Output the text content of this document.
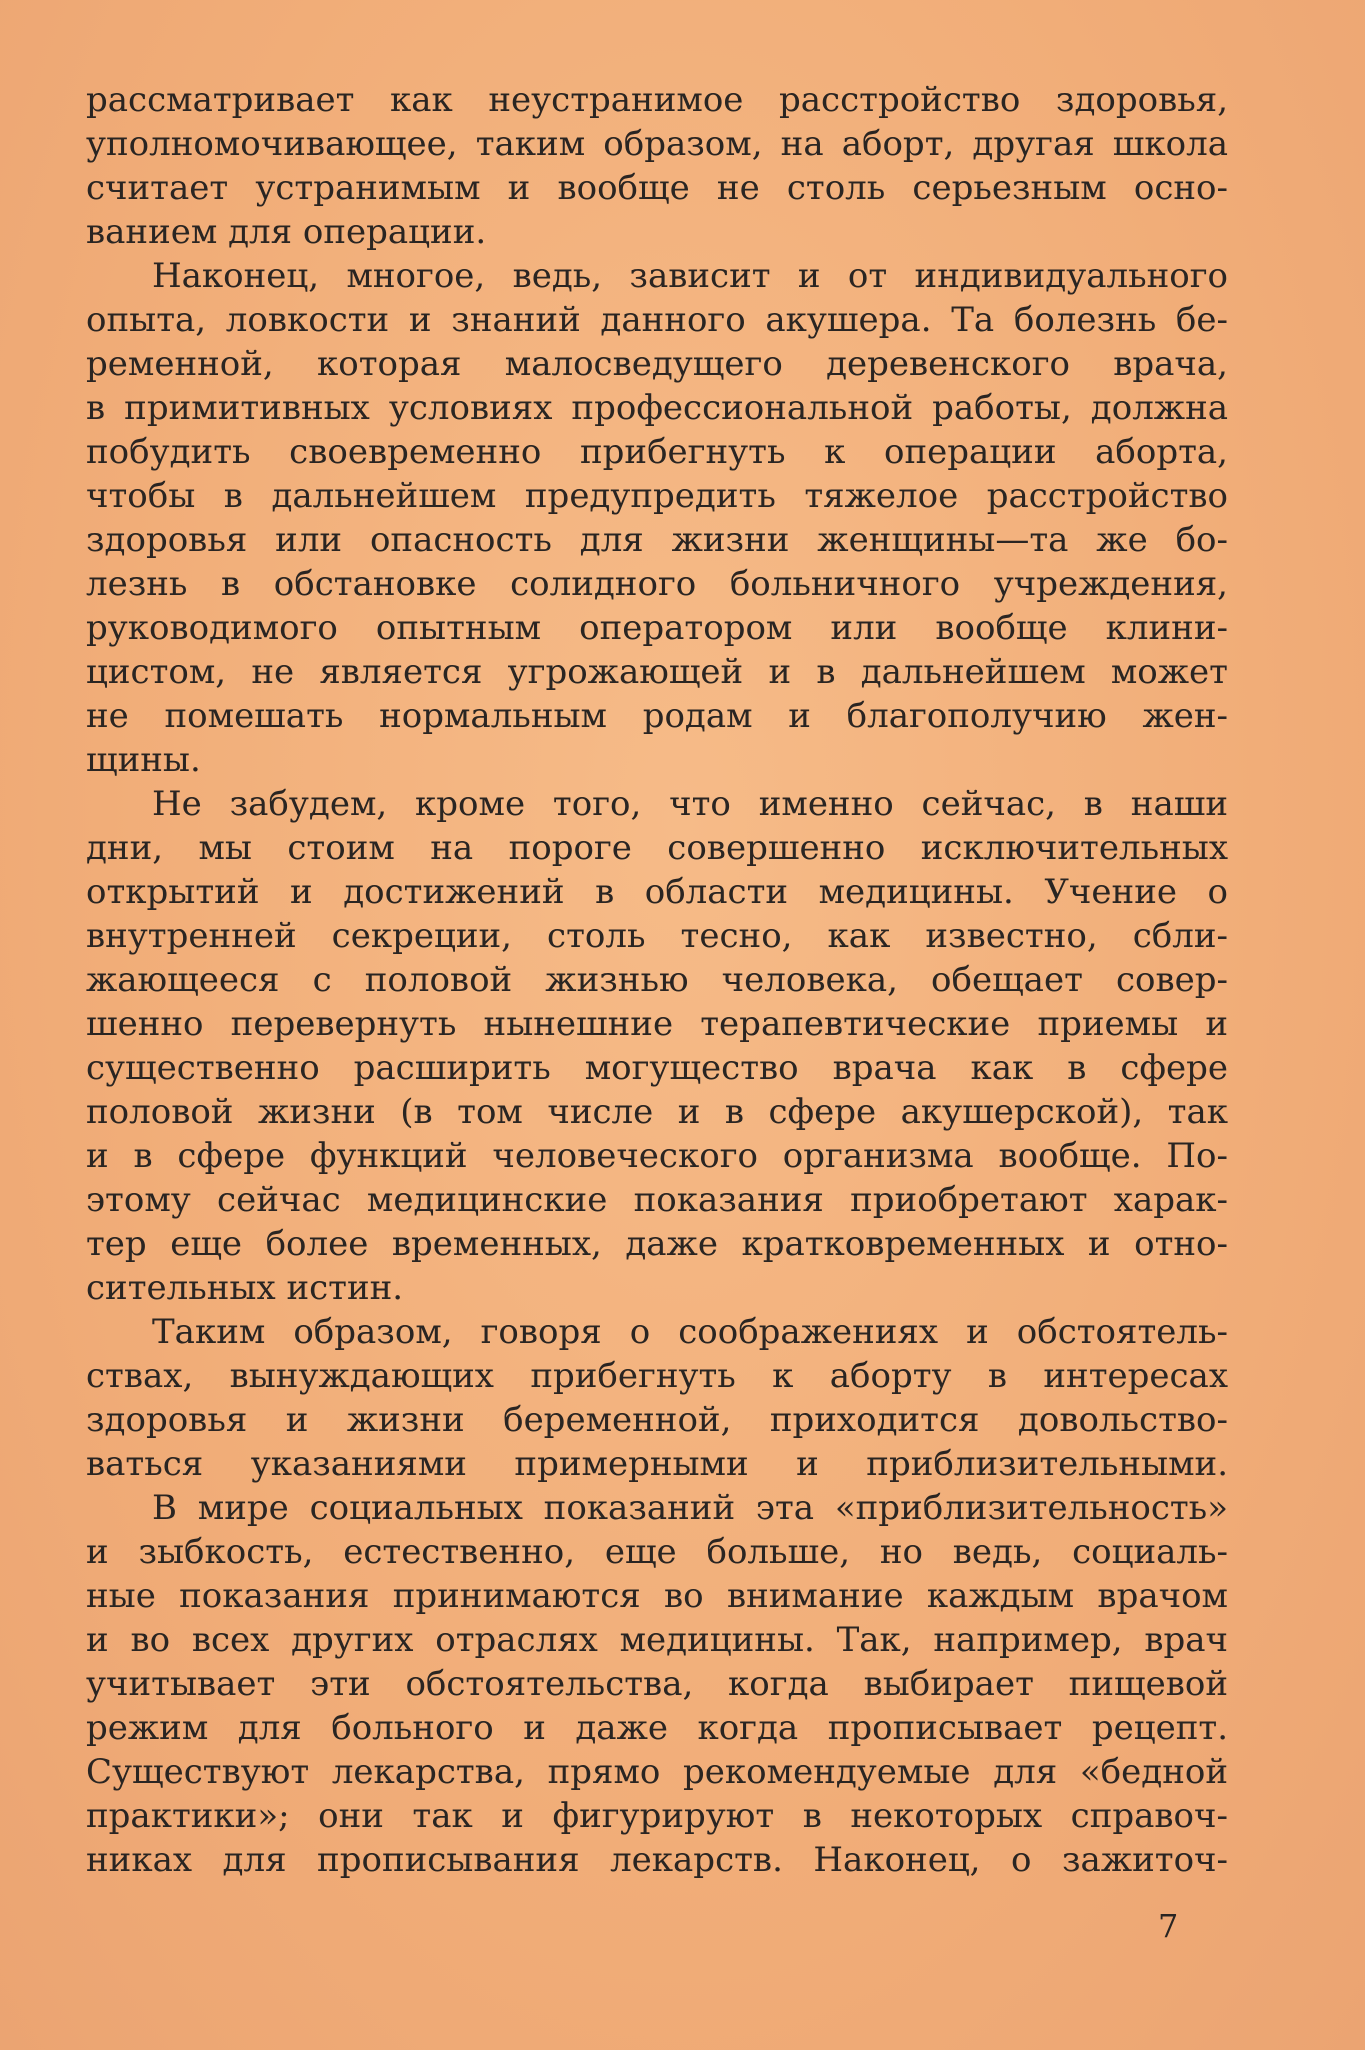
рассматривает как неустранимое расстройство здоровья,
уполномочивающее, таким образом, на аборт, другая школа
считает устранимым и вообще не столь серьезным осно-
ванием для операции.
Наконец, многое, ведь, зависит и от индивидуального
опыта, ловкости и знаний данного акушера. Та болезнь бе-
ременной, которая малосведущего деревенского врача,
в примитивных условиях профессиональной работы, должна
побудить своевременно прибегнуть к операции аборта,
чтобы в дальнейшем предупредить тяжелое расстройство
здоровья или опасность для жизни женщины—та же бо-
лезнь в обстановке солидного больничного учреждения,
руководимого опытным оператором или вообще клини-
цистом, не является угрожающей и в дальнейшем может
не помешать нормальным родам и благополучию жен-
щины.
Не забудем, кроме того, что именно сейчас, в наши
дни, мы стоим на пороге совершенно исключительных
открытий и достижений в области медицины. Учение о
внутренней секреции, столь тесно, как известно, сбли-
жающееся с половой жизнью человека, обещает совер-
шенно перевернуть нынешние терапевтические приемы и
существенно расширить могущество врача как в сфере
половой жизни (в том числе и в сфере акушерской), так
и в сфере функций человеческого организма вообще. По-
этому сейчас медицинские показания приобретают харак-
тер еще более временных, даже кратковременных и отно-
сительных истин.
Таким образом, говоря о соображениях и обстоятель-
ствах, вынуждающих прибегнуть к аборту в интересах
здоровья и жизни беременной, приходится довольство-
ваться указаниями примерными и приблизительными.
В мире социальных показаний эта «приблизительность»
и зыбкость, естественно, еще больше, но ведь, социаль-
ные показания принимаются во внимание каждым врачом
и во всех других отраслях медицины. Так, например, врач
учитывает эти обстоятельства, когда выбирает пищевой
режим для больного и даже когда прописывает рецепт.
Существуют лекарства, прямо рекомендуемые для «бедной
практики»; они так и фигурируют в некоторых справоч-
никах для прописывания лекарств. Наконец, о зажиточ-
7
